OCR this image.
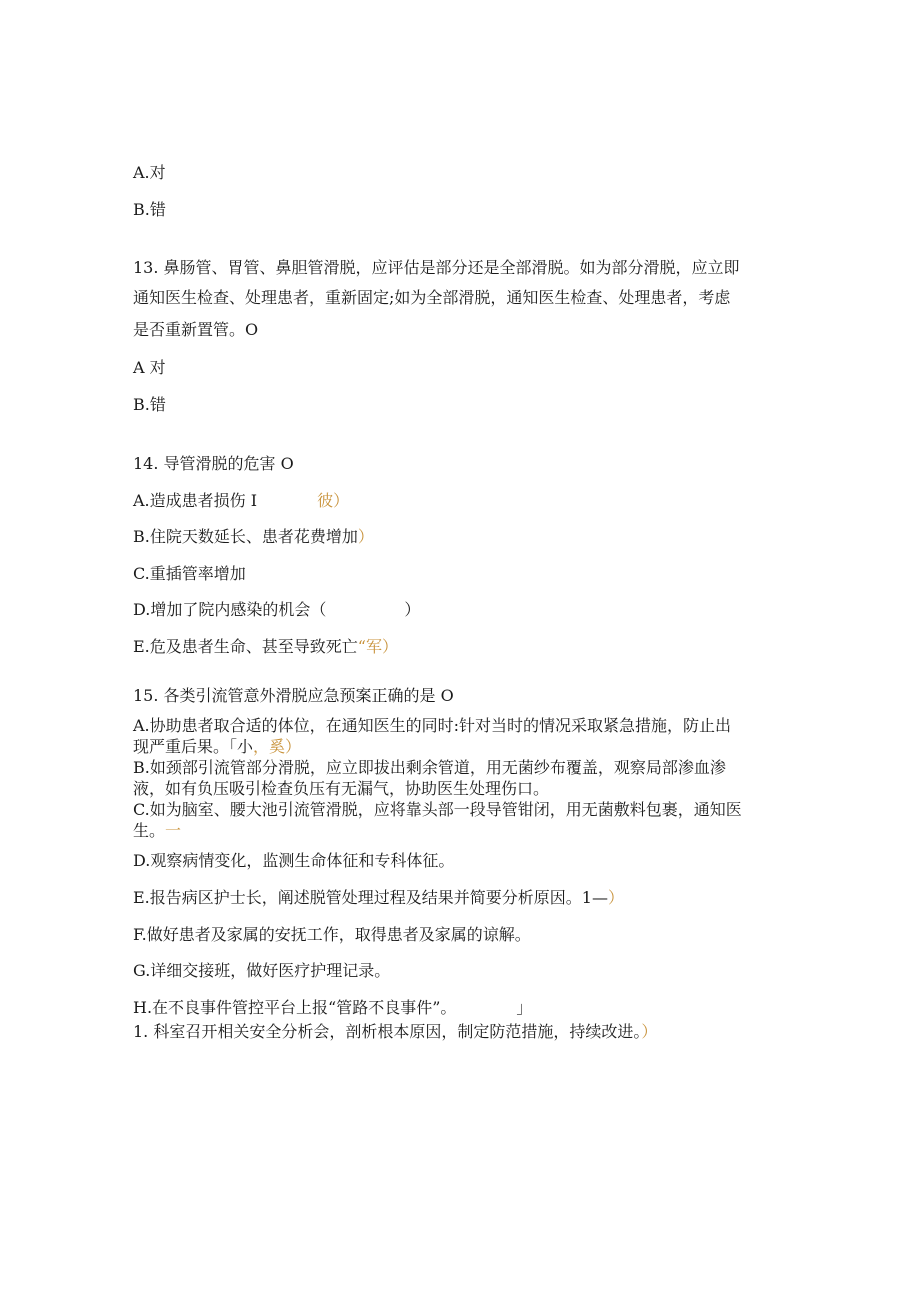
A.对
B.错
13. 鼻肠管、胃管、鼻胆管滑脱，应评估是部分还是全部滑脱。如为部分滑脱，应立即
通知医生检查、处理患者，重新固定;如为全部滑脱，通知医生检查、处理患者，考虑
是否重新置管。O
A 对
B.错
14. 导管滑脱的危害 O
A.造成患者损伤 I	彼）
B.住院天数延长、患者花费增加）
C.重插管率增加
D.增加了院内感染的机会（	）
E.危及患者生命、甚至导致死亡“军）
15. 各类引流管意外滑脱应急预案正确的是 O
A.协助患者取合适的体位，在通知医生的同时:针对当时的情况采取紧急措施，防止出
现严重后果。「小，奚）
B.如颈部引流管部分滑脱，应立即拔出剩余管道，用无菌纱布覆盖，观察局部渗血渗
液，如有负压吸引检查负压有无漏气，协助医生处理伤口。
C.如为脑室、腰大池引流管滑脱，应将靠头部一段导管钳闭，用无菌敷料包裹，通知医
生。一
D.观察病情变化，监测生命体征和专科体征。
E.报告病区护士长，阐述脱管处理过程及结果并简要分析原因。1—）
F.做好患者及家属的安抚工作，取得患者及家属的谅解。
G.详细交接班，做好医疗护理记录。
H.在不良事件管控平台上报“管路不良事件”。	」
1. 科室召开相关安全分析会，剖析根本原因，制定防范措施，持续改进。）
